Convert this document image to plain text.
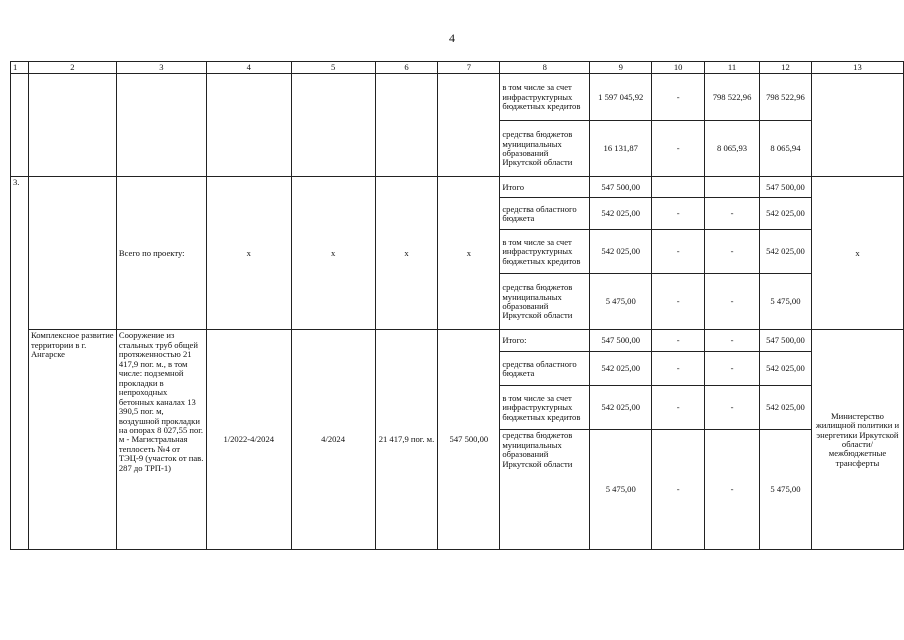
4
1	2	3	4	5	6	7	8	9	10	11	12	13
							в том числе за счет инфраструктурных бюджетных кредитов	1 597 045,92	-	798 522,96	798 522,96	
							средства бюджетов муниципальных образований Иркутской области	16 131,87	-	8 065,93	8 065,94	
3.		Всего по проекту:	х	х	х	х	Итого	547 500,00			547 500,00	х
							средства областного бюджета	542 025,00	-	-	542 025,00	
							в том числе за счет инфраструктурных бюджетных кредитов	542 025,00	-	-	542 025,00	
							средства бюджетов муниципальных образований Иркутской области	5 475,00	-	-	5 475,00	
	Комплексное развитие территории в г. Ангарске	Сооружение из стальных труб общей протяженностью 21 417,9 пог. м., в том числе: подземной прокладки в непроходных бетонных каналах 13 390,5 пог. м, воздушной прокладки на опорах 8 027,55 пог. м - Магистральная теплосеть №4 от ТЭЦ-9 (участок от пав. 287 до ТРП-1)	1/2022-4/2024	4/2024	21 417,9 пог. м.	547 500,00	Итого:	547 500,00	-	-	547 500,00	Министерство жилищной политики и энергетики Иркутской области/ межбюджетные трансферты
							средства областного бюджета	542 025,00	-	-	542 025,00	
							в том числе за счет инфраструктурных бюджетных кредитов	542 025,00	-	-	542 025,00	
							средства бюджетов муниципальных образований Иркутской области	5 475,00	-	-	5 475,00	
